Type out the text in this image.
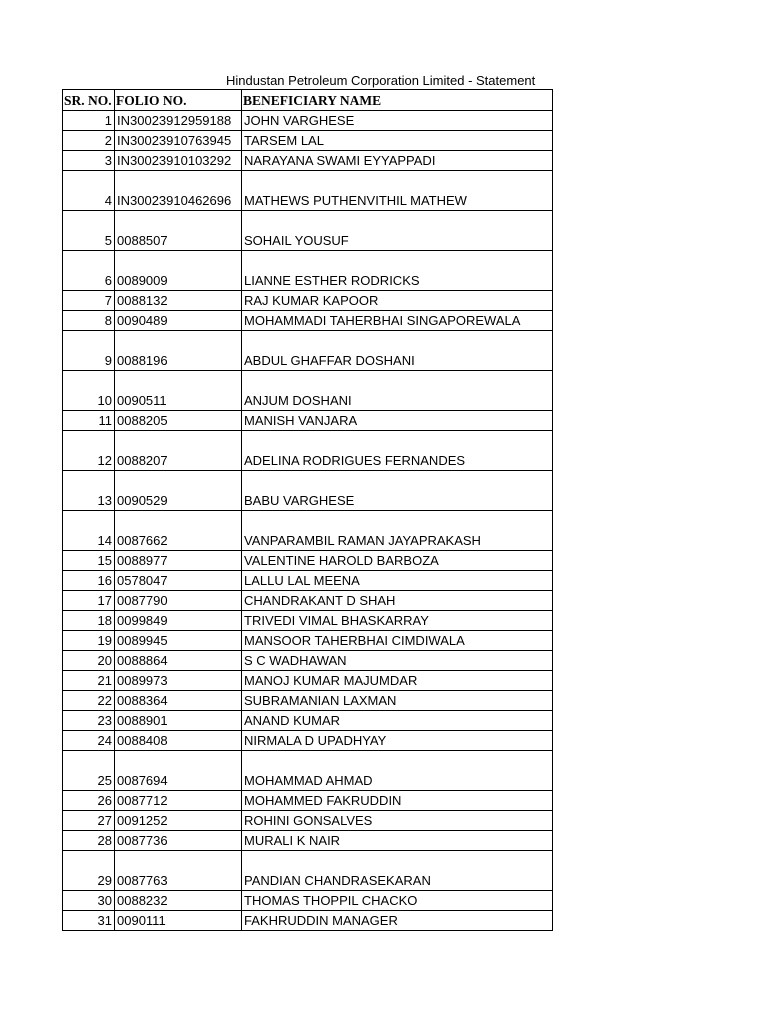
Hindustan Petroleum Corporation Limited - Statement
SR. NO.	FOLIO NO.	BENEFICIARY NAME
1	IN30023912959188	JOHN VARGHESE
2	IN30023910763945	TARSEM LAL
3	IN30023910103292	NARAYANA SWAMI EYYAPPADI
4	IN30023910462696	MATHEWS PUTHENVITHIL MATHEW
5	0088507	SOHAIL YOUSUF
6	0089009	LIANNE ESTHER RODRICKS
7	0088132	RAJ KUMAR KAPOOR
8	0090489	MOHAMMADI TAHERBHAI SINGAPOREWALA
9	0088196	ABDUL GHAFFAR DOSHANI
10	0090511	ANJUM DOSHANI
11	0088205	MANISH VANJARA
12	0088207	ADELINA RODRIGUES FERNANDES
13	0090529	BABU VARGHESE
14	0087662	VANPARAMBIL RAMAN JAYAPRAKASH
15	0088977	VALENTINE HAROLD BARBOZA
16	0578047	LALLU LAL MEENA
17	0087790	CHANDRAKANT D SHAH
18	0099849	TRIVEDI VIMAL BHASKARRAY
19	0089945	MANSOOR TAHERBHAI CIMDIWALA
20	0088864	S C WADHAWAN
21	0089973	MANOJ KUMAR MAJUMDAR
22	0088364	SUBRAMANIAN LAXMAN
23	0088901	ANAND KUMAR
24	0088408	NIRMALA D UPADHYAY
25	0087694	MOHAMMAD AHMAD
26	0087712	MOHAMMED FAKRUDDIN
27	0091252	ROHINI GONSALVES
28	0087736	MURALI K NAIR
29	0087763	PANDIAN CHANDRASEKARAN
30	0088232	THOMAS THOPPIL CHACKO
31	0090111	FAKHRUDDIN MANAGER
